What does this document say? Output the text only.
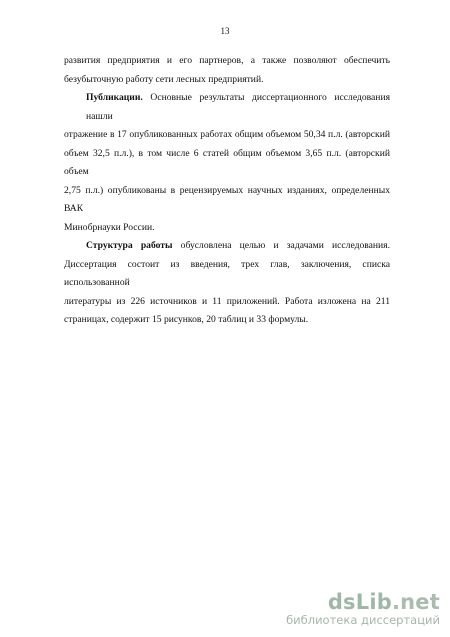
13

развития предприятия и его партнеров, а также позволяют обеспечить
безубыточную работу сети лесных предприятий.

Публикации. Основные результаты диссертационного исследования нашли
отражение в 17 опубликованных работах общим объемом 50,34 п.л. (авторский
объем 32,5 п.л.), в том числе 6 статей общим объемом 3,65 п.л. (авторский объем
2,75 п.л.) опубликованы в рецензируемых научных изданиях, определенных ВАК
Минобрнауки России.

Структура работы обусловлена целью и задачами исследования.
Диссертация состоит из введения, трех глав, заключения, списка использованной
литературы из 226 источников и 11 приложений. Работа изложена на 211
страницах, содержит 15 рисунков, 20 таблиц и 33 формулы.

dsLib.net
библиотека диссертаций
